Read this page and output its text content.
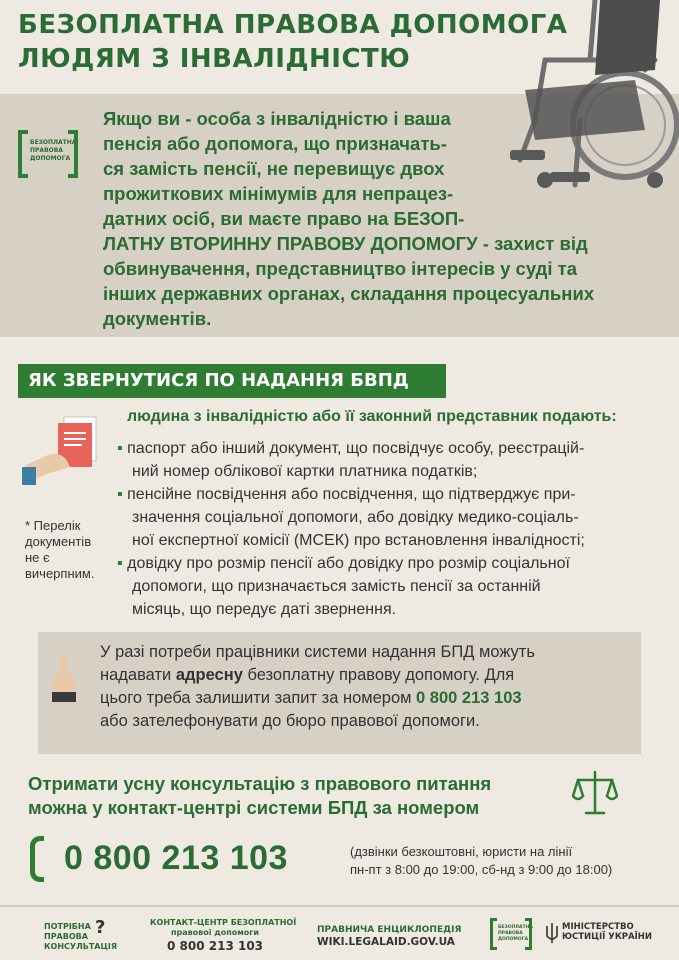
БЕЗОПЛАТНА ПРАВОВА ДОПОМОГА
ЛЮДЯМ З ІНВАЛІДНІСТЮ
БЕЗОПЛАТНА
ПРАВОВА
ДОПОМОГА
Якщо ви - особа з інвалідністю і ваша
пенсія або допомога, що призначать-
ся замість пенсії, не перевищує двох
прожиткових мінімумів для непрацез-
датних осіб, ви маєте право на БЕЗОП-
ЛАТНУ ВТОРИННУ ПРАВОВУ ДОПОМОГУ - захист від
обвинувачення, представництво інтересів у суді та
інших державних органах, складання процесуальних
документів.
ЯК ЗВЕРНУТИСЯ ПО НАДАННЯ БВПД
людина з інвалідністю або її законний представник подають:
▪ паспорт або інший документ, що посвідчує особу, реєстрацій-
ний номер облікової картки платника податків;
▪ пенсійне посвідчення або посвідчення, що підтверджує при-
значення соціальної допомоги, або довідку медико-соціаль-
ної експертної комісії (МСЕК) про встановлення інвалідності;
▪ довідку про розмір пенсії або довідку про розмір соціальної
допомоги, що призначається замість пенсії за останній
місяць, що передує даті звернення.
* Перелік
документів
не є
вичерпним.
У разі потреби працівники системи надання БПД можуть
надавати адресну безоплатну правову допомогу. Для
цього треба залишити запит за номером 0 800 213 103
або зателефонувати до бюро правової допомоги.
Отримати усну консультацію з правового питання
можна у контакт-центрі системи БПД за номером
0 800 213 103	(дзвінки безкоштовні, юристи на лінії
пн-пт з 8:00 до 19:00, сб-нд з 9:00 до 18:00)
ПОТРІБНА
ПРАВОВА
КОНСУЛЬТАЦІЯ
?	КОНТАКТ-ЦЕНТР БЕЗОПЛАТНОЇ
правової допомоги
0 800 213 103
ПРАВНИЧА ЕНЦИКЛОПЕДІЯ
WIKI.LEGALAID.GOV.UA
БЕЗОПЛАТНА
ПРАВОВА
ДОПОМОГА
МІНІСТЕРСТВО
ЮСТИЦІЇ УКРАЇНИ
